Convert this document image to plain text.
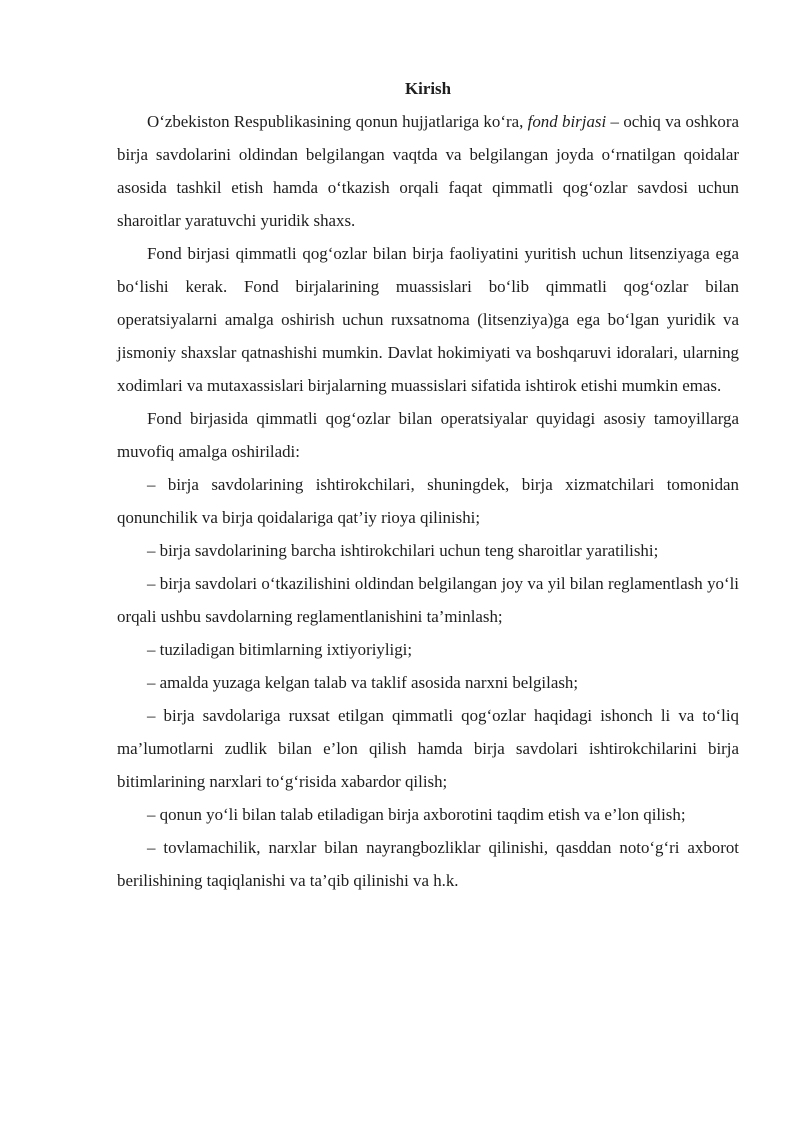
Kirish

O‘zbekiston Respublikasining qonun hujjatlariga ko‘ra, fond birjasi – ochiq va oshkora birja savdolarini oldindan belgilangan vaqtda va belgilangan joyda o‘rnatilgan qoidalar asosida tashkil etish hamda o‘tkazish orqali faqat qimmatli qog‘ozlar savdosi uchun sharoitlar yaratuvchi yuridik shaxs.

Fond birjasi qimmatli qog‘ozlar bilan birja faoliyatini yuritish uchun litsenziyaga ega bo‘lishi kerak. Fond birjalarining muassislari bo‘lib qimmatli qog‘ozlar bilan operatsiyalarni amalga oshirish uchun ruxsatnoma (litsenziya)ga ega bo‘lgan yuridik va jismoniy shaxslar qatnashishi mumkin. Davlat hokimiyati va boshqaruvi idoralari, ularning xodimlari va mutaxassislari birjalarning muassislari sifatida ishtirok etishi mumkin emas.

Fond birjasida qimmatli qog‘ozlar bilan operatsiyalar quyidagi asosiy tamoyillarga muvofiq amalga oshiriladi:

– birja savdolarining ishtirokchilari, shuningdek, birja xizmatchilari tomonidan qonunchilik va birja qoidalariga qat’iy rioya qilinishi;

– birja savdolarining barcha ishtirokchilari uchun teng sharoitlar yaratilishi;

– birja savdolari o‘tkazilishini oldindan belgilangan joy va yil bilan reglamentlash yo‘li orqali ushbu savdolarning reglamentlanishini ta’minlash;

– tuziladigan bitimlarning ixtiyoriyligi;

– amalda yuzaga kelgan talab va taklif asosida narxni belgilash;

– birja savdolariga ruxsat etilgan qimmatli qog‘ozlar haqidagi ishonch li va to‘liq ma’lumotlarni zudlik bilan e’lon qilish hamda birja savdolari ishtirokchilarini birja bitimlarining narxlari to‘g‘risida xabardor qilish;

– qonun yo‘li bilan talab etiladigan birja axborotini taqdim etish va e’lon qilish;

– tovlamachilik, narxlar bilan nayrangbozliklar qilinishi, qasddan noto‘g‘ri axborot berilishining taqiqlanishi va ta’qib qilinishi va h.k.
